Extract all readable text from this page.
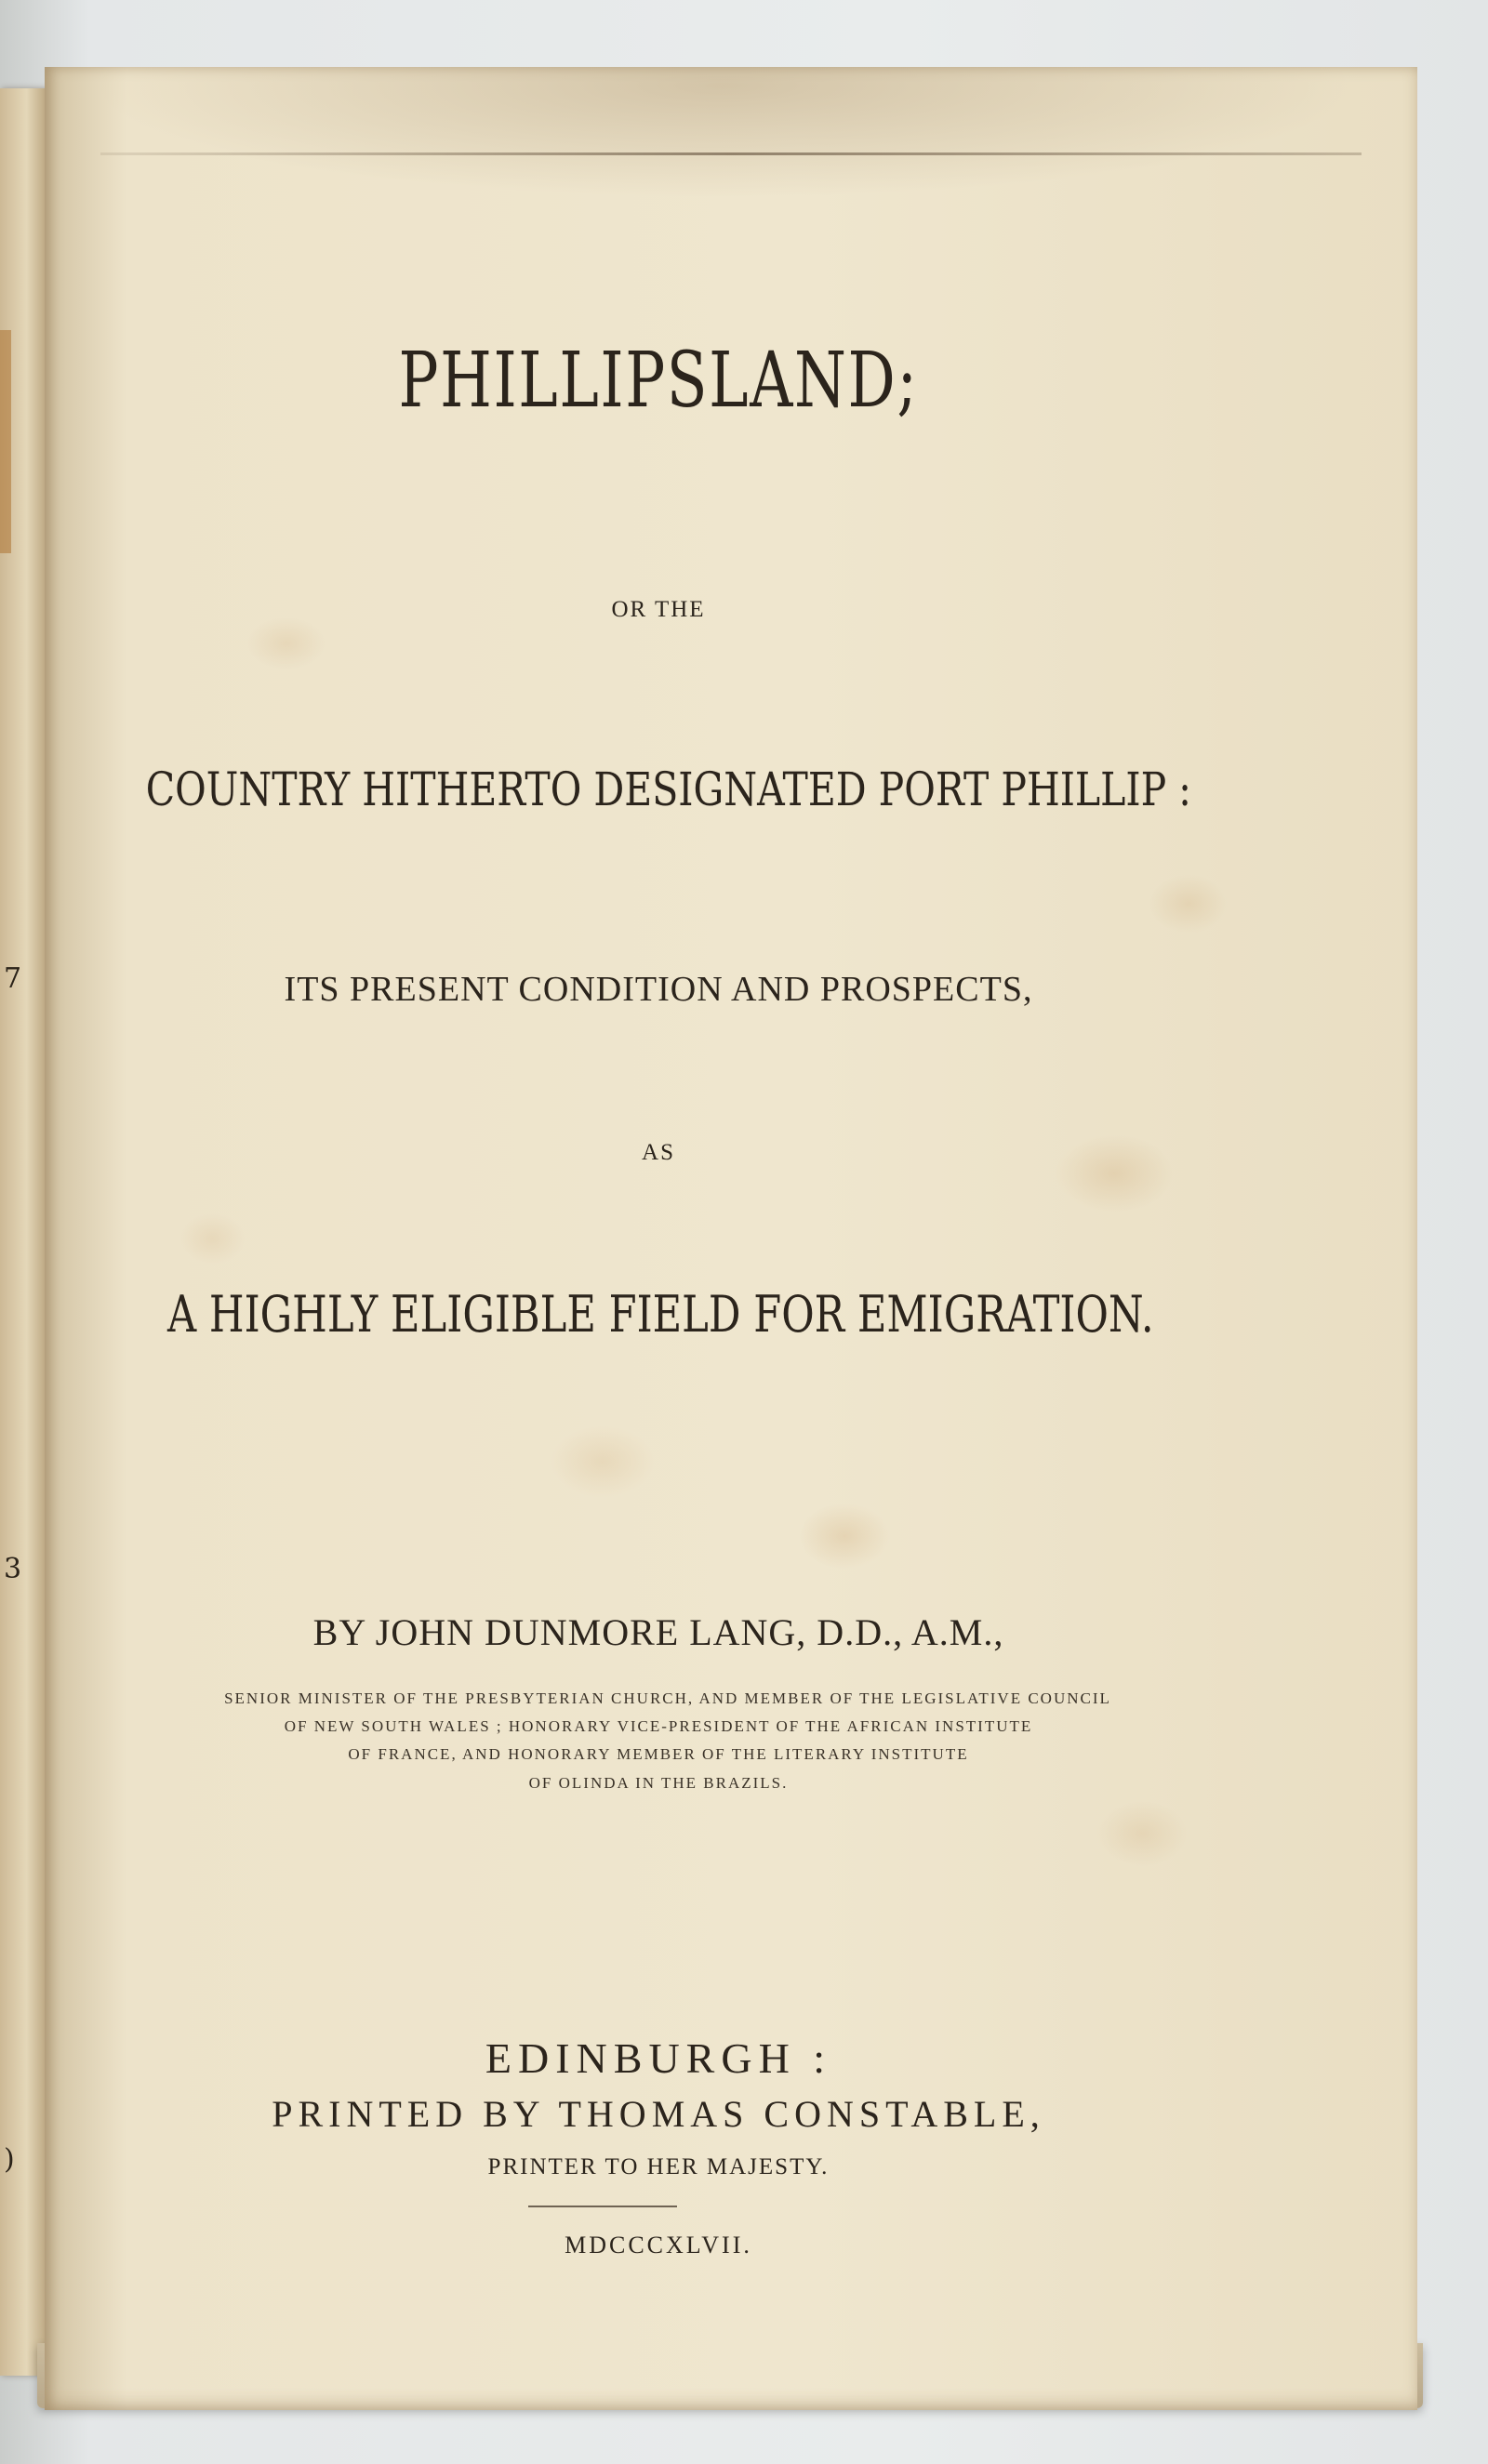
7
3
)
PHILLIPSLAND;
OR THE
COUNTRY HITHERTO DESIGNATED PORT PHILLIP :
ITS PRESENT CONDITION AND PROSPECTS,
AS
A HIGHLY ELIGIBLE FIELD FOR EMIGRATION.
BY JOHN DUNMORE LANG, D.D., A.M.,
SENIOR MINISTER OF THE PRESBYTERIAN CHURCH, AND MEMBER OF THE LEGISLATIVE COUNCIL
OF NEW SOUTH WALES ; HONORARY VICE-PRESIDENT OF THE AFRICAN INSTITUTE
OF FRANCE, AND HONORARY MEMBER OF THE LITERARY INSTITUTE
OF OLINDA IN THE BRAZILS.
EDINBURGH :
PRINTED BY THOMAS CONSTABLE,
PRINTER TO HER MAJESTY.
MDCCCXLVII.
